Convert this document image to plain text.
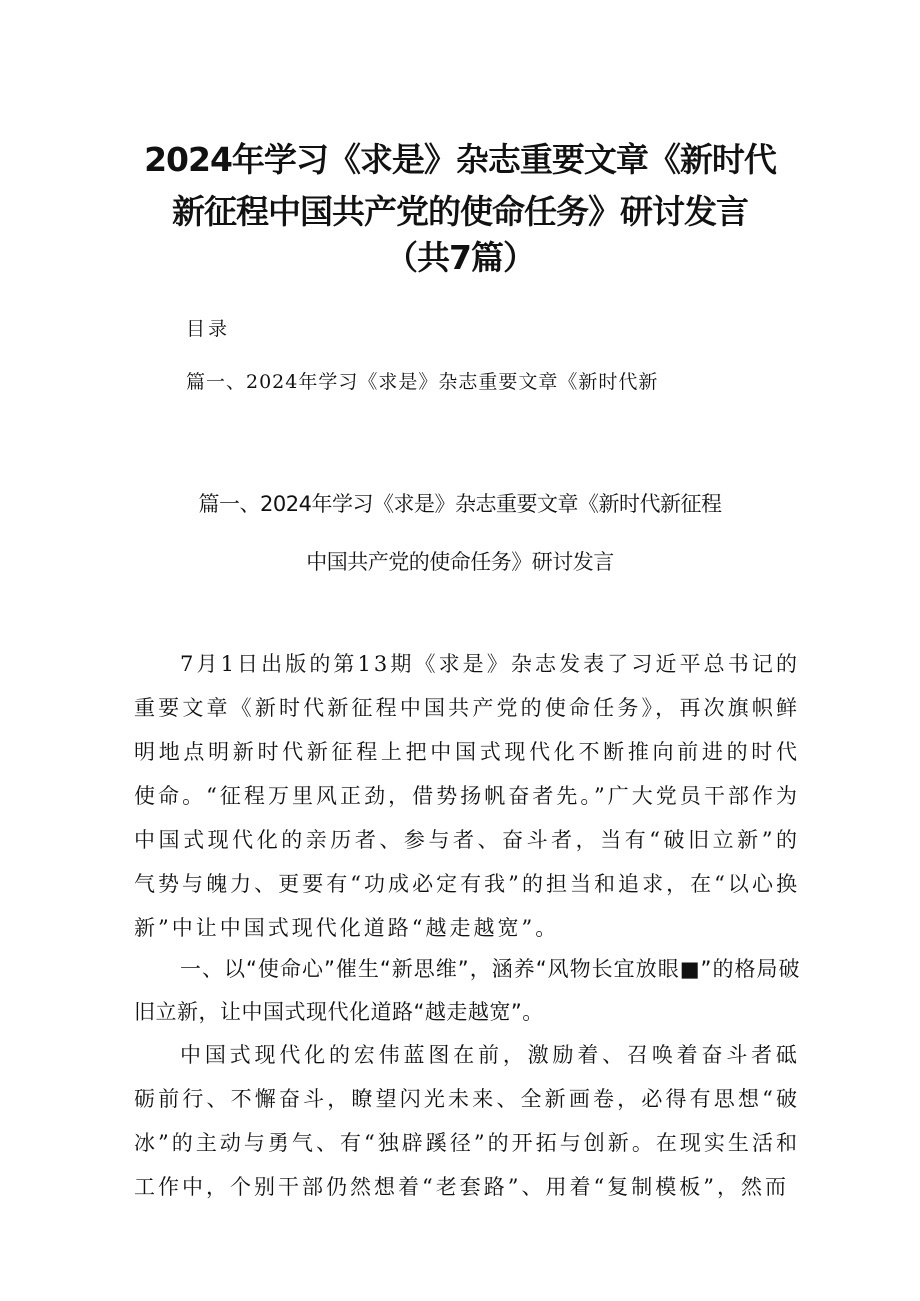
2024年学习《求是》杂志重要文章《新时代
新征程中国共产党的使命任务》研讨发言
（共7篇）
目录
篇一、2024年学习《求是》杂志重要文章《新时代新
篇一、2024年学习《求是》杂志重要文章《新时代新征程
中国共产党的使命任务》研讨发言

7月1日出版的第13期《求是》杂志发表了习近平总书记的重要文章《新时代新征程中国共产党的使命任务》，再次旗帜鲜明地点明新时代新征程上把中国式现代化不断推向前进的时代使命。“征程万里风正劲，借势扬帆奋者先。”广大党员干部作为中国式现代化的亲历者、参与者、奋斗者，当有“破旧立新”的气势与魄力、更要有“功成必定有我”的担当和追求，在“以心换新”中让中国式现代化道路“越走越宽”。

一、以“使命心”催生“新思维”，涵养“风物长宜放眼■”的格局破旧立新，让中国式现代化道路“越走越宽”。

中国式现代化的宏伟蓝图在前，激励着、召唤着奋斗者砥砺前行、不懈奋斗，瞭望闪光未来、全新画卷，必得有思想“破冰”的主动与勇气、有“独辟蹊径”的开拓与创新。在现实生活和工作中，个别干部仍然想着“老套路”、用着“复制模板”，然而
